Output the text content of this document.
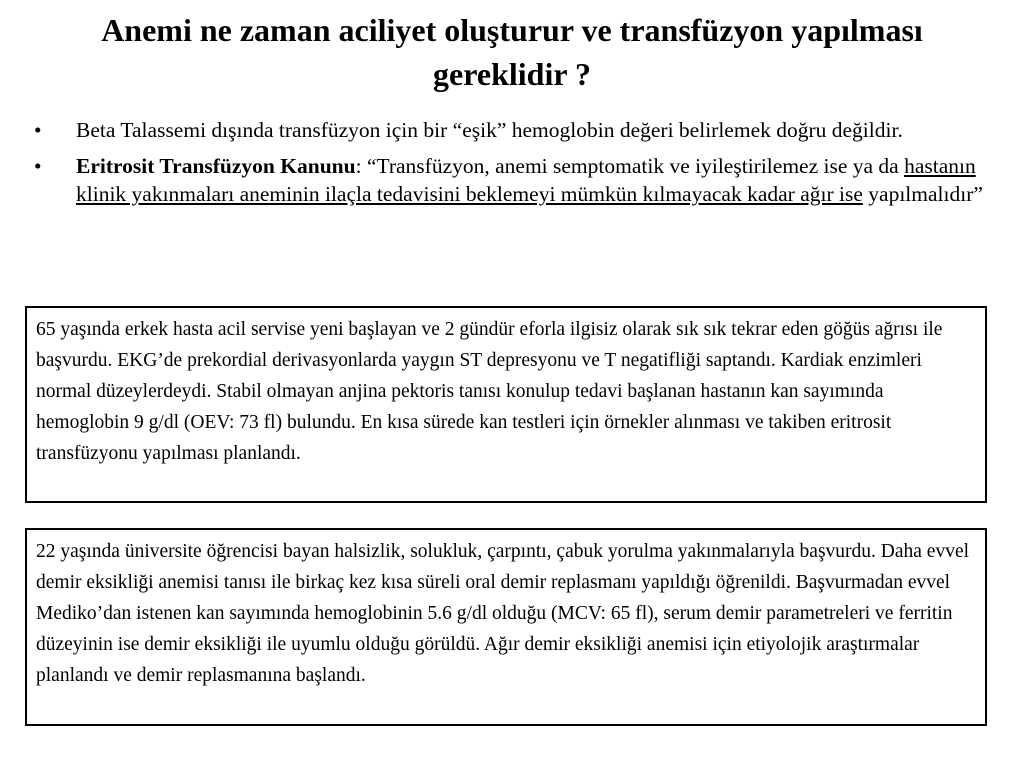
Anemi ne zaman aciliyet oluşturur ve transfüzyon yapılması gereklidir ?
• Beta Talassemi dışında transfüzyon için bir “eşik” hemoglobin değeri belirlemek doğru değildir.
• Eritrosit Transfüzyon Kanunu: “Transfüzyon, anemi semptomatik ve iyileştirilemez ise ya da hastanın klinik yakınmaları aneminin ilaçla tedavisini beklemeyi mümkün kılmayacak kadar ağır ise yapılmalıdır”
65 yaşında erkek hasta acil servise yeni başlayan ve 2 gündür eforla ilgisiz olarak sık sık tekrar eden göğüs ağrısı ile başvurdu. EKG’de prekordial derivasyonlarda yaygın ST depresyonu ve T negatifliği saptandı. Kardiak enzimleri normal düzeylerdeydi. Stabil olmayan anjina pektoris tanısı konulup tedavi başlanan hastanın kan sayımında hemoglobin 9 g/dl (OEV: 73 fl) bulundu. En kısa sürede kan testleri için örnekler alınması ve takiben eritrosit transfüzyonu yapılması planlandı.
22 yaşında üniversite öğrencisi bayan halsizlik, solukluk, çarpıntı, çabuk yorulma yakınmalarıyla başvurdu. Daha evvel demir eksikliği anemisi tanısı ile birkaç kez kısa süreli oral demir replasmanı yapıldığı öğrenildi. Başvurmadan evvel Mediko’dan istenen kan sayımında hemoglobinin 5.6 g/dl olduğu (MCV: 65 fl), serum demir parametreleri ve ferritin düzeyinin ise demir eksikliği ile uyumlu olduğu görüldü. Ağır demir eksikliği anemisi için etiyolojik araştırmalar planlandı ve demir replasmanına başlandı.
